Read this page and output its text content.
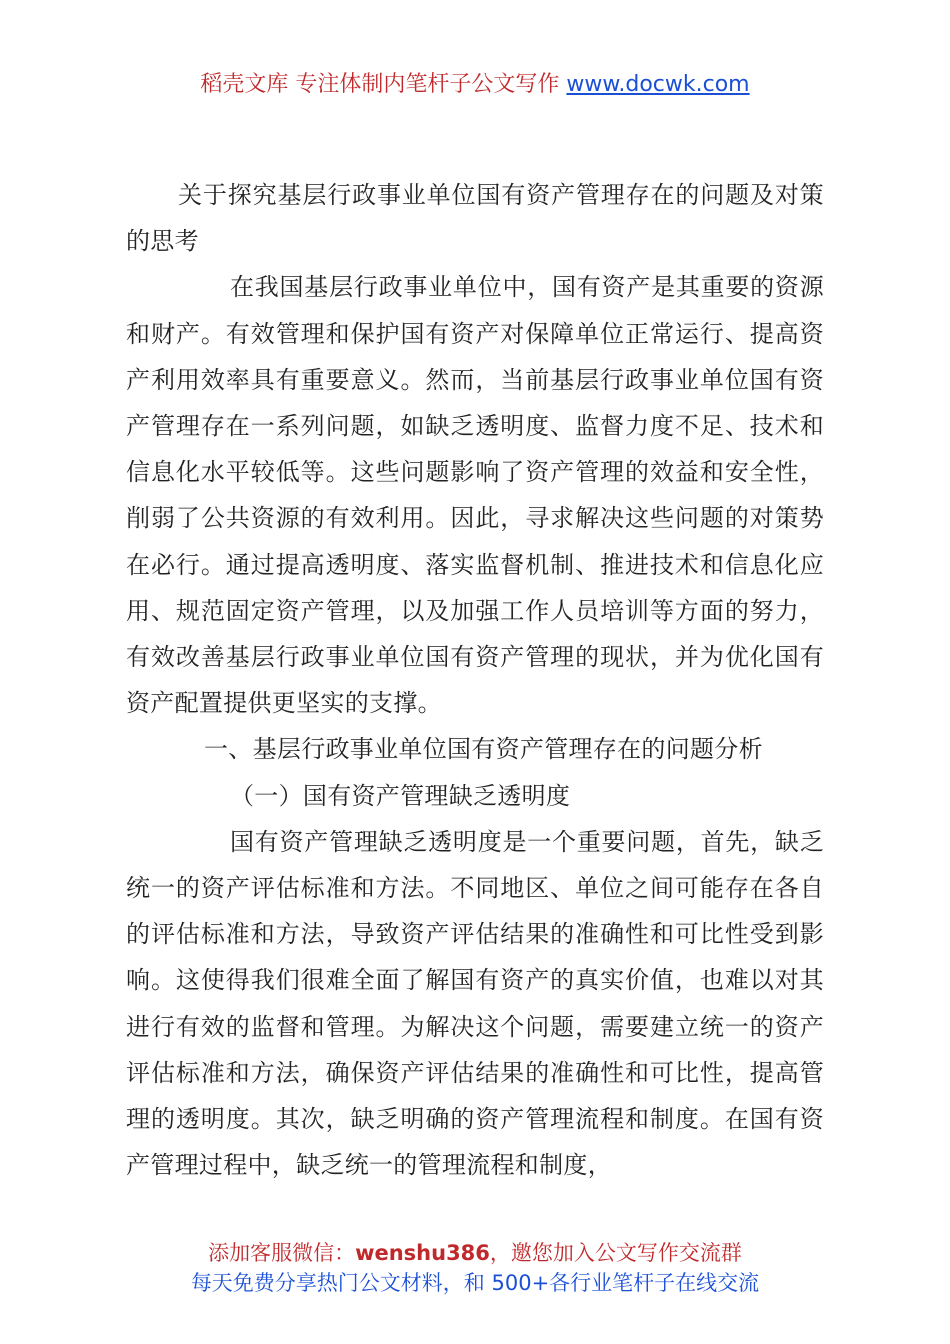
稻壳文库 专注体制内笔杆子公文写作 www.docwk.com

关于探究基层行政事业单位国有资产管理存在的问题及对策的思考

在我国基层行政事业单位中，国有资产是其重要的资源和财产。有效管理和保护国有资产对保障单位正常运行、提高资产利用效率具有重要意义。然而，当前基层行政事业单位国有资产管理存在一系列问题，如缺乏透明度、监督力度不足、技术和信息化水平较低等。这些问题影响了资产管理的效益和安全性，削弱了公共资源的有效利用。因此，寻求解决这些问题的对策势在必行。通过提高透明度、落实监督机制、推进技术和信息化应用、规范固定资产管理，以及加强工作人员培训等方面的努力，有效改善基层行政事业单位国有资产管理的现状，并为优化国有资产配置提供更坚实的支撑。

一、基层行政事业单位国有资产管理存在的问题分析

（一）国有资产管理缺乏透明度

国有资产管理缺乏透明度是一个重要问题，首先，缺乏统一的资产评估标准和方法。不同地区、单位之间可能存在各自的评估标准和方法，导致资产评估结果的准确性和可比性受到影响。这使得我们很难全面了解国有资产的真实价值，也难以对其进行有效的监督和管理。为解决这个问题，需要建立统一的资产评估标准和方法，确保资产评估结果的准确性和可比性，提高管理的透明度。其次，缺乏明确的资产管理流程和制度。在国有资产管理过程中，缺乏统一的管理流程和制度，

添加客服微信：wenshu386，邀您加入公文写作交流群
每天免费分享热门公文材料，和 500+各行业笔杆子在线交流
